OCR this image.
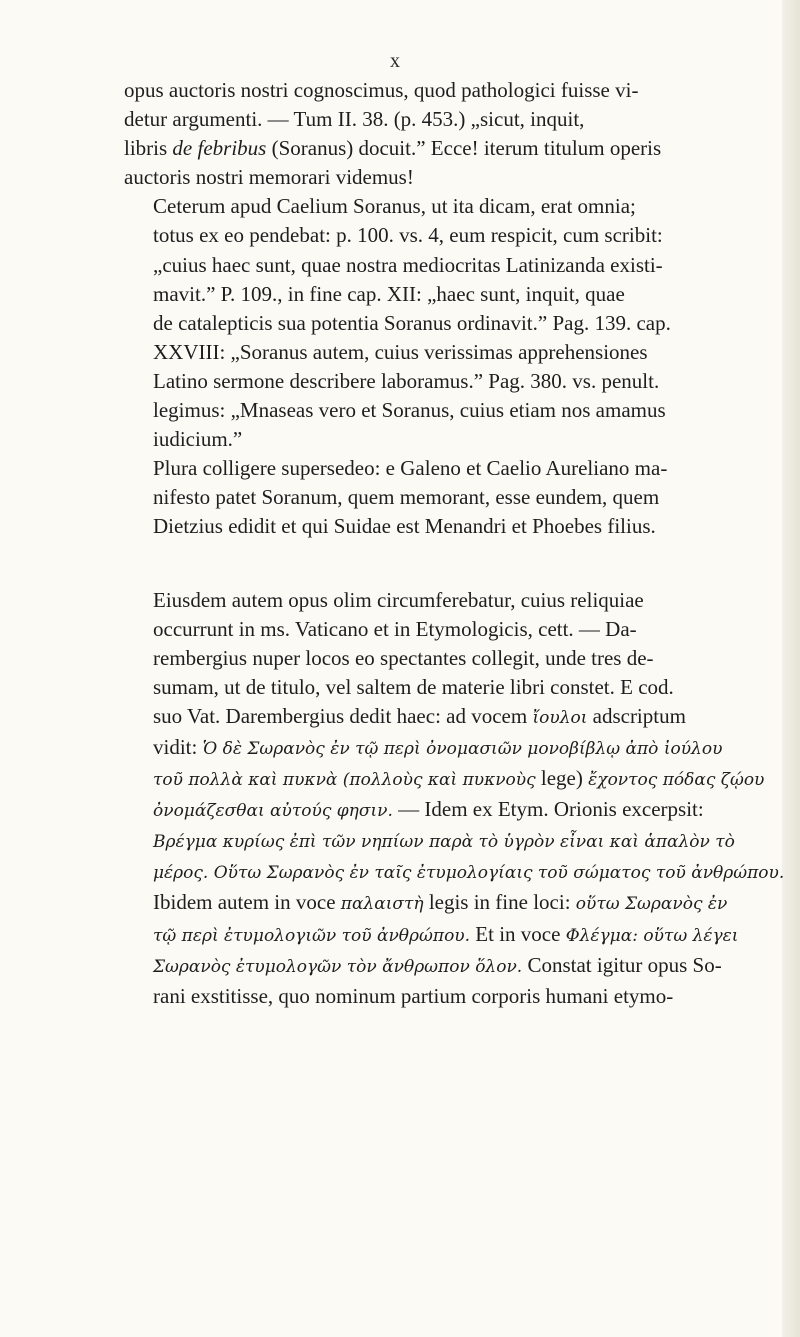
x

opus auctoris nostri cognoscimus, quod pathologici fuisse vi-
detur argumenti. — Tum II. 38. (p. 453.) „sicut, inquit,
libris de febribus (Soranus) docuit.” Ecce! iterum titulum operis
auctoris nostri memorari videmus!

Ceterum apud Caelium Soranus, ut ita dicam, erat omnia;
totus ex eo pendebat: p. 100. vs. 4, eum respicit, cum scribit:
„cuius haec sunt, quae nostra mediocritas Latinizanda existi-
mavit.” P. 109., in fine cap. XII: „haec sunt, inquit, quae
de catalepticis sua potentia Soranus ordinavit.” Pag. 139. cap.
XXVIII: „Soranus autem, cuius verissimas apprehensiones
Latino sermone describere laboramus.” Pag. 380. vs. penult.
legimus: „Mnaseas vero et Soranus, cuius etiam nos amamus
iudicium.”

Plura colligere supersedeo: e Galeno et Caelio Aureliano ma-
nifesto patet Soranum, quem memorant, esse eundem, quem
Dietzius edidit et qui Suidae est Menandri et Phoebes filius.

Eiusdem autem opus olim circumferebatur, cuius reliquiae
occurrunt in ms. Vaticano et in Etymologicis, cett. — Da-
rembergius nuper locos eo spectantes collegit, unde tres de-
sumam, ut de titulo, vel saltem de materie libri constet. E cod.
suo Vat. Darembergius dedit haec: ad vocem ἴουλοι adscriptum
vidit: Ὁ δὲ Σωρανὸς ἐν τῷ περὶ ὀνομασιῶν μονοβίβλῳ ἀπὸ ἰούλου
τοῦ πολλὰ καὶ πυκνὰ (πολλοὺς καὶ πυκνοὺς lege) ἔχοντος πόδας ζῴου
ὀνομάζεσθαι αὐτούς φησιν. — Idem ex Etym. Orionis excerpsit:
Βρέγμα κυρίως ἐπὶ τῶν νηπίων παρὰ τὸ ὑγρὸν εἶναι καὶ ἁπαλὸν τὸ
μέρος. Οὕτω Σωρανὸς ἐν ταῖς ἐτυμολογίαις τοῦ σώματος τοῦ ἀνθρώπου.
Ibidem autem in voce παλαιστὴ legis in fine loci: οὕτω Σωρανὸς ἐν
τῷ περὶ ἐτυμολογιῶν τοῦ ἀνθρώπου. Et in voce Φλέγμα: οὕτω λέγει
Σωρανὸς ἐτυμολογῶν τὸν ἄνθρωπον ὅλον. Constat igitur opus So-
rani exstitisse, quo nominum partium corporis humani etymo-
